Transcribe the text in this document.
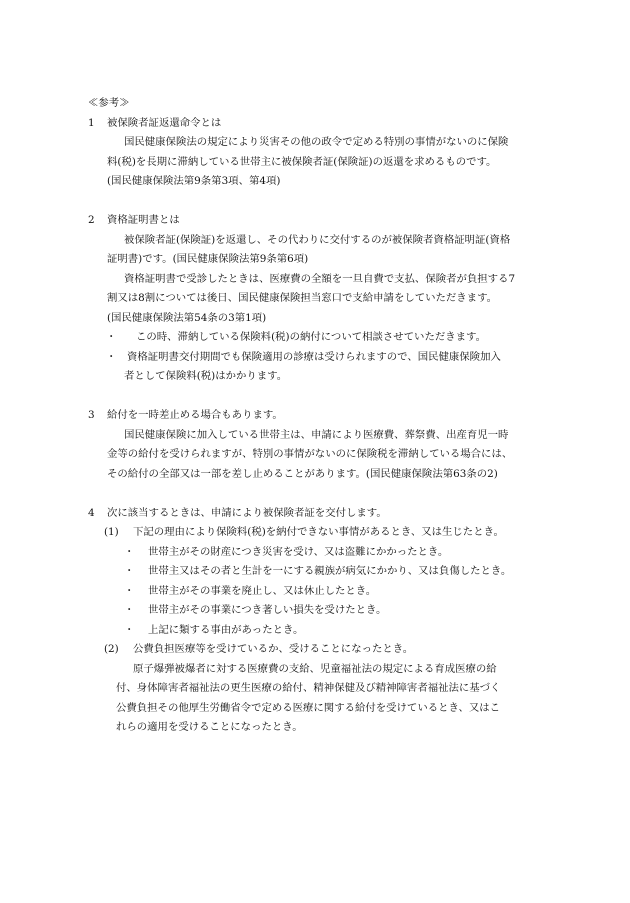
≪参考≫
1 被保険者証返還命令とは
国民健康保険法の規定により災害その他の政令で定める特別の事情がないのに保険
料(税)を長期に滞納している世帯主に被保険者証(保険証)の返還を求めるものです。
(国民健康保険法第9条第3項、第4項)
2 資格証明書とは
被保険者証(保険証)を返還し、その代わりに交付するのが被保険者資格証明証(資格
証明書)です。(国民健康保険法第9条第6項)
資格証明書で受診したときは、医療費の全額を一旦自費で支払、保険者が負担する7
割又は8割については後日、国民健康保険担当窓口で支給申請をしていただきます。
(国民健康保険法第54条の3第1項)
・ この時、滞納している保険料(税)の納付について相談させていただきます。
・ 資格証明書交付期間でも保険適用の診療は受けられますので、国民健康保険加入
者として保険料(税)はかかります。
3 給付を一時差止める場合もあります。
国民健康保険に加入している世帯主は、申請により医療費、葬祭費、出産育児一時
金等の給付を受けられますが、特別の事情がないのに保険税を滞納している場合には、
その給付の全部又は一部を差し止めることがあります。(国民健康保険法第63条の2)
4 次に該当するときは、申請により被保険者証を交付します。
(1) 下記の理由により保険料(税)を納付できない事情があるとき、又は生じたとき。
・ 世帯主がその財産につき災害を受け、又は盗難にかかったとき。
・ 世帯主又はその者と生計を一にする親族が病気にかかり、又は負傷したとき。
・ 世帯主がその事業を廃止し、又は休止したとき。
・ 世帯主がその事業につき著しい損失を受けたとき。
・ 上記に類する事由があったとき。
(2) 公費負担医療等を受けているか、受けることになったとき。
原子爆弾被爆者に対する医療費の支給、児童福祉法の規定による育成医療の給
付、身体障害者福祉法の更生医療の給付、精神保健及び精神障害者福祉法に基づく
公費負担その他厚生労働省令で定める医療に関する給付を受けているとき、又はこ
れらの適用を受けることになったとき。
